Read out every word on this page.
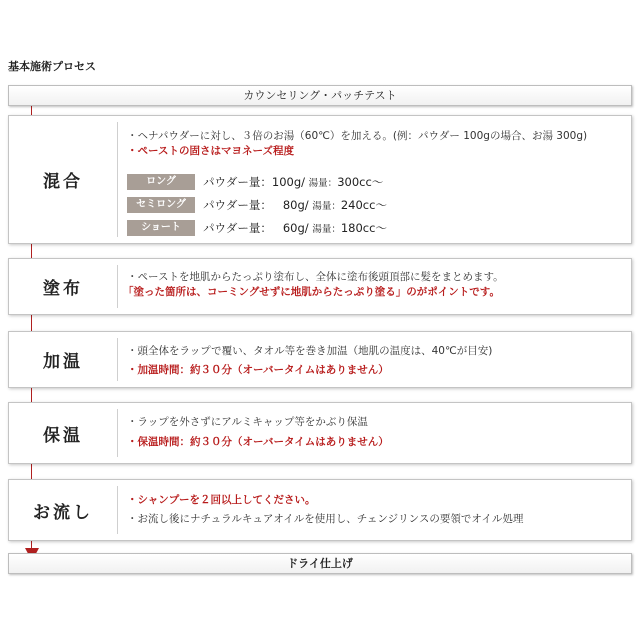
基本施術プロセス
カウンセリング・パッチテスト
混合
・ヘナパウダーに対し、３倍のお湯（60℃）を加える。(例：パウダー 100gの場合、お湯 300g)
・ペーストの固さはマヨネーズ程度
ロング	パウダー量：100g/ 湯量：300cc～
セミロング	パウダー量： 80g/ 湯量：240cc～
ショート	パウダー量： 60g/ 湯量：180cc～
塗布
・ペーストを地肌からたっぷり塗布し、全体に塗布後頭頂部に髪をまとめます。
「塗った箇所は、コーミングせずに地肌からたっぷり塗る」のがポイントです。
加温
・頭全体をラップで覆い、タオル等を巻き加温（地肌の温度は、40℃が目安)
・加温時間：約３０分（オーバータイムはありません）
保温
・ラップを外さずにアルミキャップ等をかぶり保温
・保温時間：約３０分（オーバータイムはありません）
お流し
・シャンプーを２回以上してください。
・お流し後にナチュラルキュアオイルを使用し、チェンジリンスの要領でオイル処理
ドライ仕上げ
